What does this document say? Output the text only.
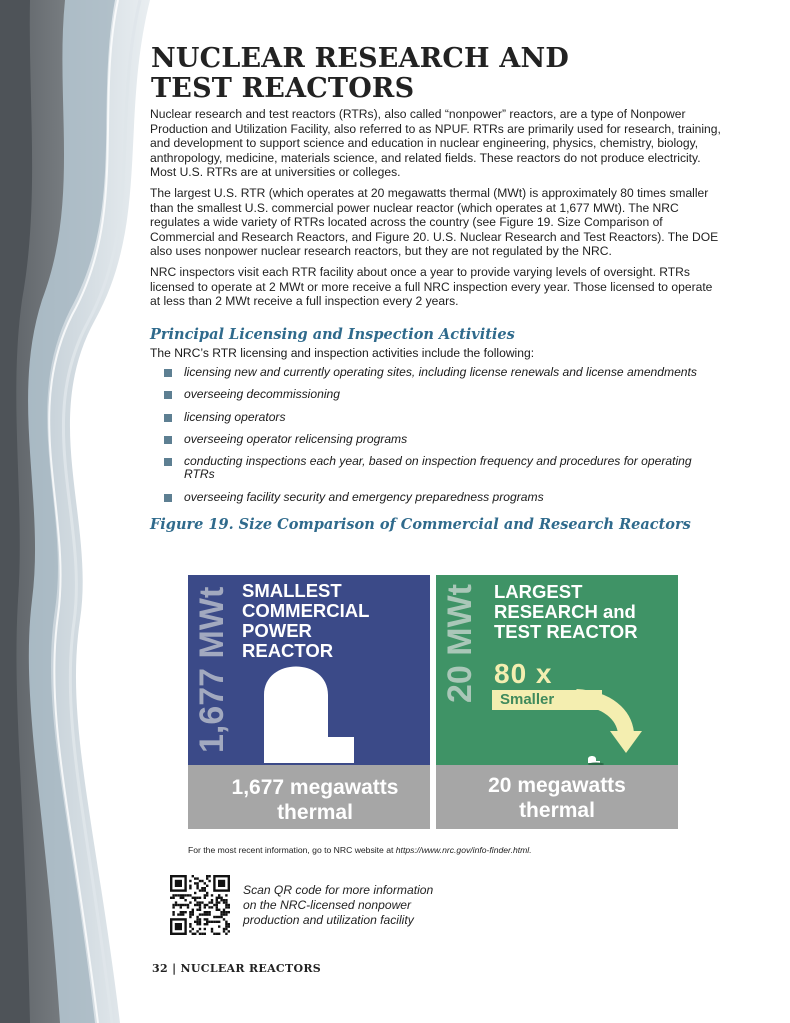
NUCLEAR RESEARCH AND
TEST REACTORS

Nuclear research and test reactors (RTRs), also called “nonpower” reactors, are a type of Nonpower Production and Utilization Facility, also referred to as NPUF. RTRs are primarily used for research, training, and development to support science and education in nuclear engineering, physics, chemistry, biology, anthropology, medicine, materials science, and related fields. These reactors do not produce electricity. Most U.S. RTRs are at universities or colleges.

The largest U.S. RTR (which operates at 20 megawatts thermal (MWt) is approximately 80 times smaller than the smallest U.S. commercial power nuclear reactor (which operates at 1,677 MWt). The NRC regulates a wide variety of RTRs located across the country (see Figure 19. Size Comparison of Commercial and Research Reactors, and Figure 20. U.S. Nuclear Research and Test Reactors). The DOE also uses nonpower nuclear research reactors, but they are not regulated by the NRC.

NRC inspectors visit each RTR facility about once a year to provide varying levels of oversight. RTRs licensed to operate at 2 MWt or more receive a full NRC inspection every year. Those licensed to operate at less than 2 MWt receive a full inspection every 2 years.

Principal Licensing and Inspection Activities

The NRC’s RTR licensing and inspection activities include the following:

licensing new and currently operating sites, including license renewals and license amendments
overseeing decommissioning
licensing operators
overseeing operator relicensing programs
conducting inspections each year, based on inspection frequency and procedures for operating RTRs
overseeing facility security and emergency preparedness programs
Figure 19. Size Comparison of Commercial and Research Reactors
1,677 MWt SMALLEST
COMMERCIAL
POWER
REACTOR
1,677 megawatts
thermal
20 MWt LARGEST
RESEARCH and
TEST REACTOR
80 x
Smaller
20 megawatts
thermal
For the most recent information, go to NRC website at https://www.nrc.gov/info-finder.html.
Scan QR code for more information
on the NRC-licensed nonpower
production and utilization facility
32 | NUCLEAR REACTORS
